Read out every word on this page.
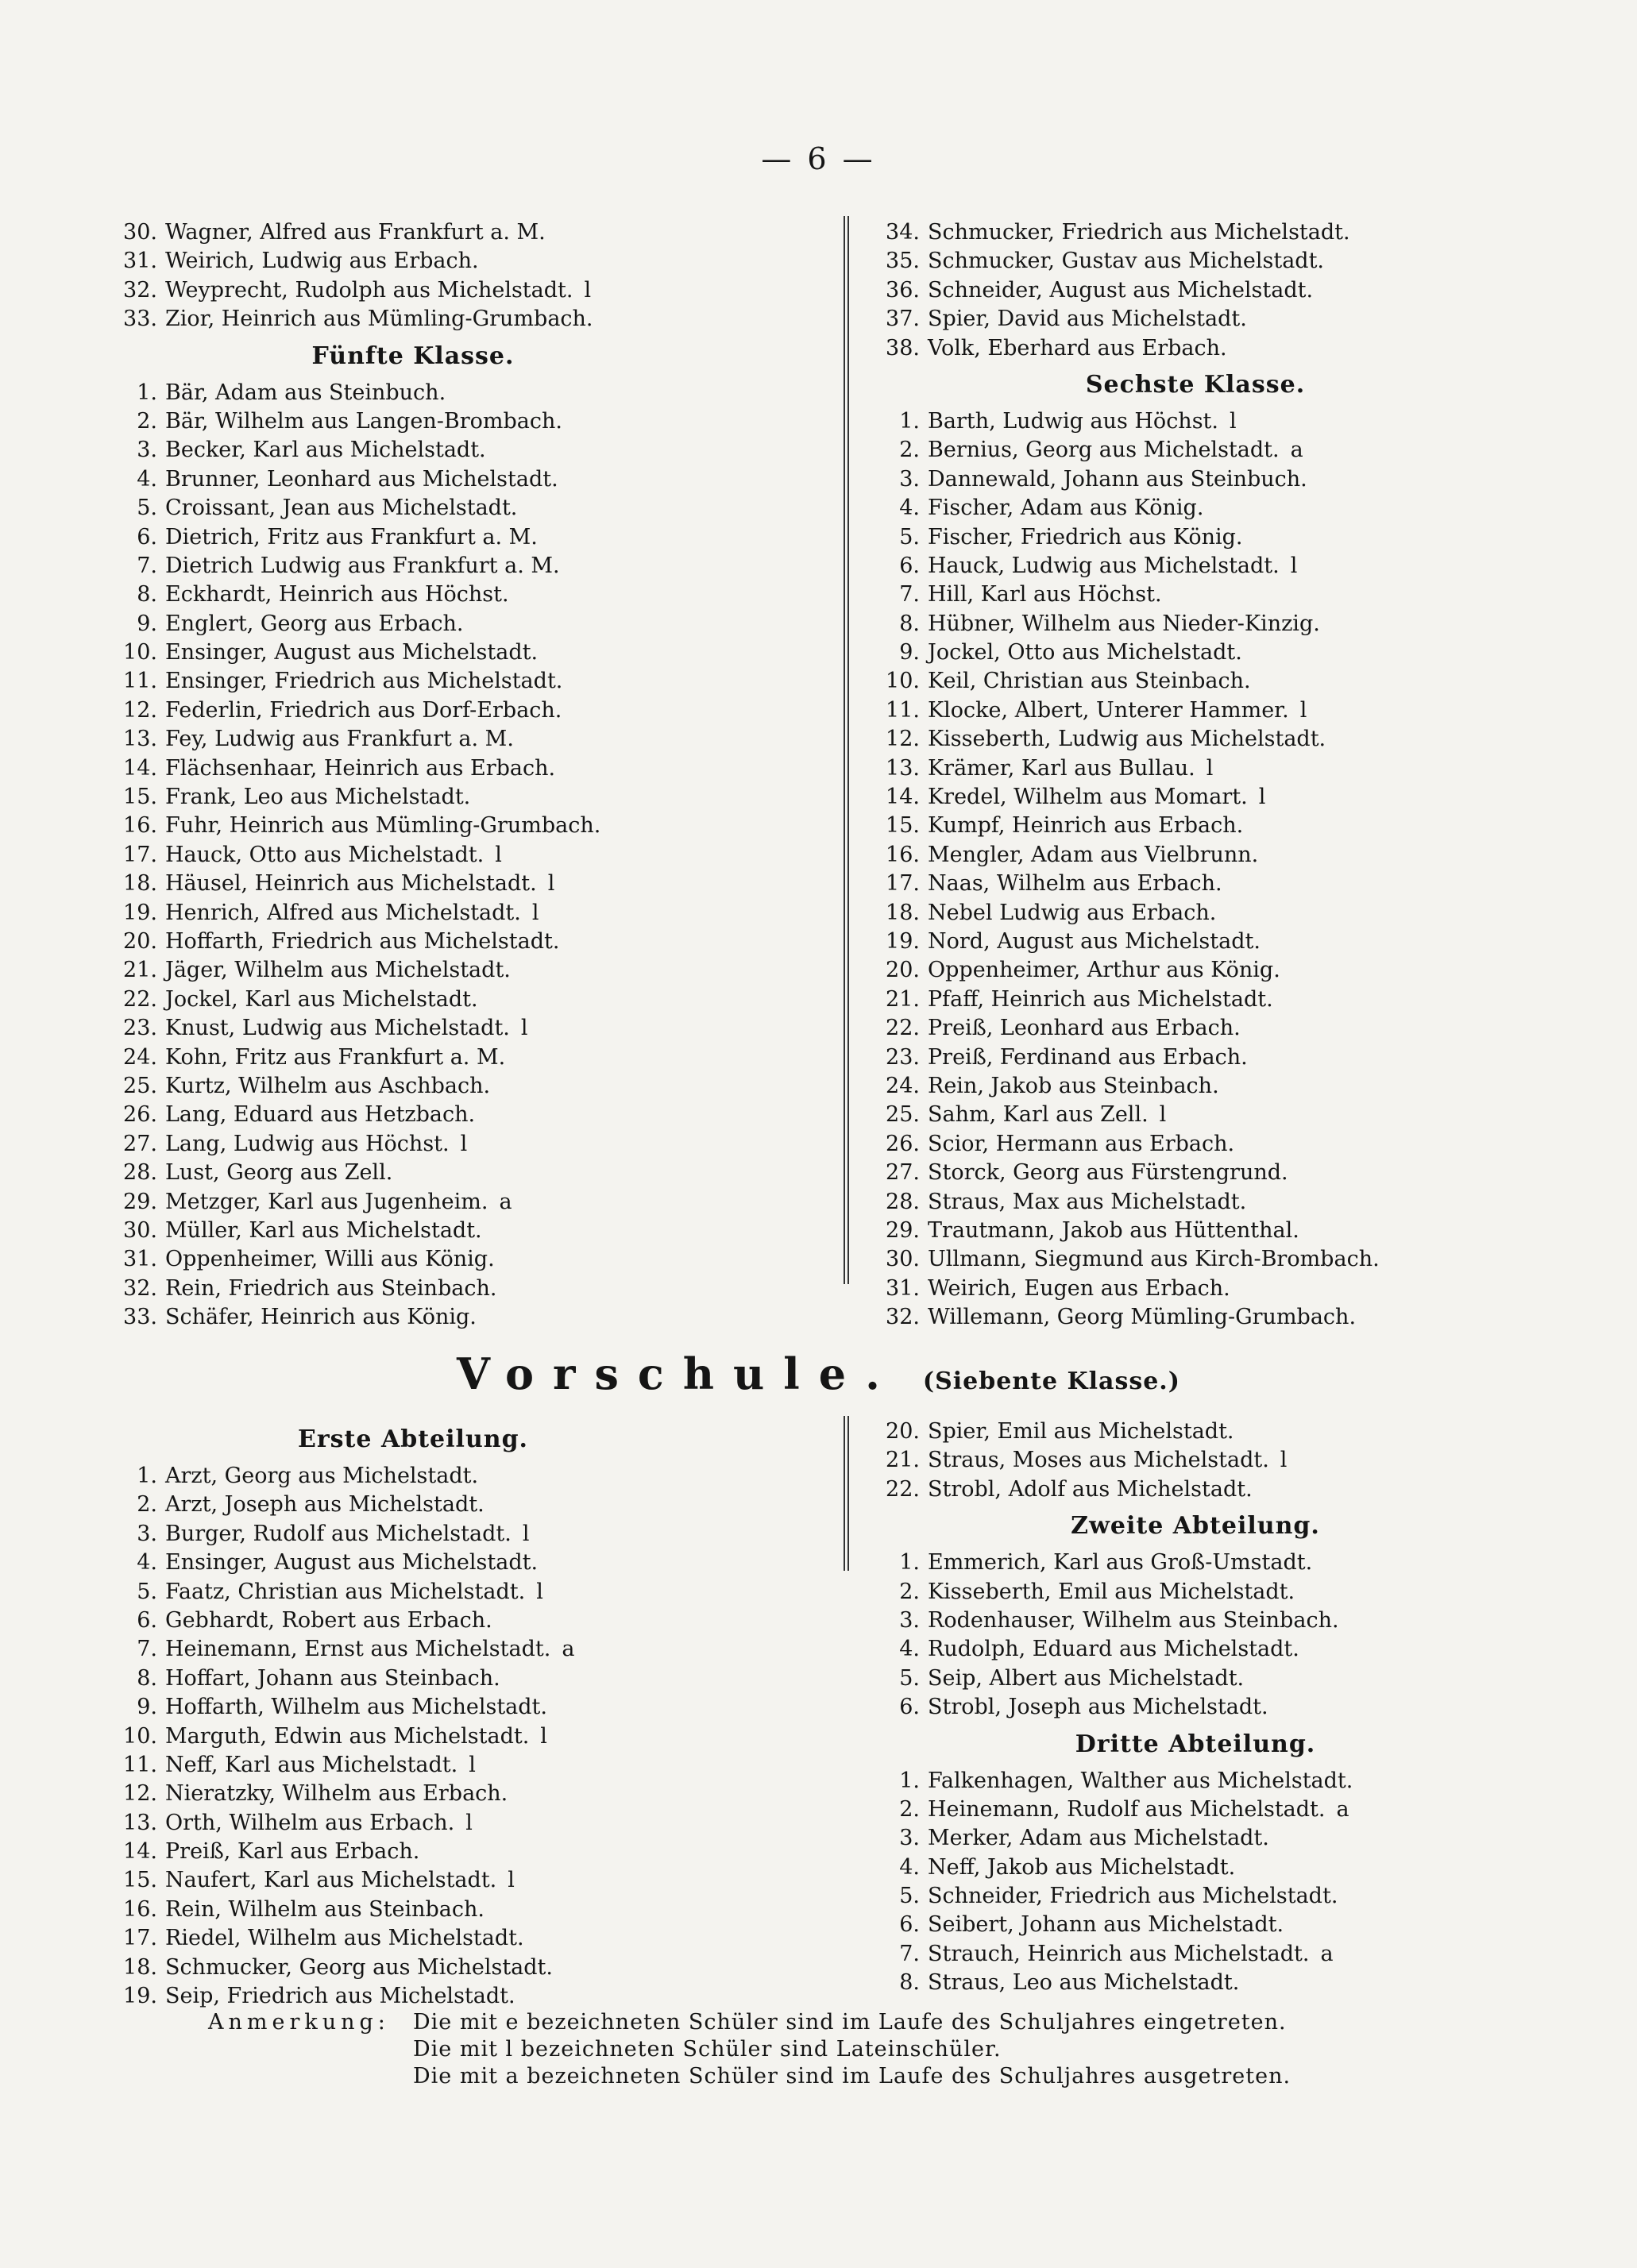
— 6 —
30. Wagner, Alfred aus Frankfurt a. M.
31. Weirich, Ludwig aus Erbach.
32. Weyprecht, Rudolph aus Michelstadt. l
33. Zior, Heinrich aus Mümling-Grumbach.
Fünfte Klasse.
1. Bär, Adam aus Steinbuch.
2. Bär, Wilhelm aus Langen-Brombach.
3. Becker, Karl aus Michelstadt.
4. Brunner, Leonhard aus Michelstadt.
5. Croissant, Jean aus Michelstadt.
6. Dietrich, Fritz aus Frankfurt a. M.
7. Dietrich Ludwig aus Frankfurt a. M.
8. Eckhardt, Heinrich aus Höchst.
9. Englert, Georg aus Erbach.
10. Ensinger, August aus Michelstadt.
11. Ensinger, Friedrich aus Michelstadt.
12. Federlin, Friedrich aus Dorf-Erbach.
13. Fey, Ludwig aus Frankfurt a. M.
14. Flächsenhaar, Heinrich aus Erbach.
15. Frank, Leo aus Michelstadt.
16. Fuhr, Heinrich aus Mümling-Grumbach.
17. Hauck, Otto aus Michelstadt. l
18. Häusel, Heinrich aus Michelstadt. l
19. Henrich, Alfred aus Michelstadt. l
20. Hoffarth, Friedrich aus Michelstadt.
21. Jäger, Wilhelm aus Michelstadt.
22. Jockel, Karl aus Michelstadt.
23. Knust, Ludwig aus Michelstadt. l
24. Kohn, Fritz aus Frankfurt a. M.
25. Kurtz, Wilhelm aus Aschbach.
26. Lang, Eduard aus Hetzbach.
27. Lang, Ludwig aus Höchst. l
28. Lust, Georg aus Zell.
29. Metzger, Karl aus Jugenheim. a
30. Müller, Karl aus Michelstadt.
31. Oppenheimer, Willi aus König.
32. Rein, Friedrich aus Steinbach.
33. Schäfer, Heinrich aus König.
34. Schmucker, Friedrich aus Michelstadt.
35. Schmucker, Gustav aus Michelstadt.
36. Schneider, August aus Michelstadt.
37. Spier, David aus Michelstadt.
38. Volk, Eberhard aus Erbach.
Sechste Klasse.
1. Barth, Ludwig aus Höchst. l
2. Bernius, Georg aus Michelstadt. a
3. Dannewald, Johann aus Steinbuch.
4. Fischer, Adam aus König.
5. Fischer, Friedrich aus König.
6. Hauck, Ludwig aus Michelstadt. l
7. Hill, Karl aus Höchst.
8. Hübner, Wilhelm aus Nieder-Kinzig.
9. Jockel, Otto aus Michelstadt.
10. Keil, Christian aus Steinbach.
11. Klocke, Albert, Unterer Hammer. l
12. Kisseberth, Ludwig aus Michelstadt.
13. Krämer, Karl aus Bullau. l
14. Kredel, Wilhelm aus Momart. l
15. Kumpf, Heinrich aus Erbach.
16. Mengler, Adam aus Vielbrunn.
17. Naas, Wilhelm aus Erbach.
18. Nebel Ludwig aus Erbach.
19. Nord, August aus Michelstadt.
20. Oppenheimer, Arthur aus König.
21. Pfaff, Heinrich aus Michelstadt.
22. Preiß, Leonhard aus Erbach.
23. Preiß, Ferdinand aus Erbach.
24. Rein, Jakob aus Steinbach.
25. Sahm, Karl aus Zell. l
26. Scior, Hermann aus Erbach.
27. Storck, Georg aus Fürstengrund.
28. Straus, Max aus Michelstadt.
29. Trautmann, Jakob aus Hüttenthal.
30. Ullmann, Siegmund aus Kirch-Brombach.
31. Weirich, Eugen aus Erbach.
32. Willemann, Georg Mümling-Grumbach.
Vorschule. (Siebente Klasse.)
Erste Abteilung.
1. Arzt, Georg aus Michelstadt.
2. Arzt, Joseph aus Michelstadt.
3. Burger, Rudolf aus Michelstadt. l
4. Ensinger, August aus Michelstadt.
5. Faatz, Christian aus Michelstadt. l
6. Gebhardt, Robert aus Erbach.
7. Heinemann, Ernst aus Michelstadt. a
8. Hoffart, Johann aus Steinbach.
9. Hoffarth, Wilhelm aus Michelstadt.
10. Marguth, Edwin aus Michelstadt. l
11. Neff, Karl aus Michelstadt. l
12. Nieratzky, Wilhelm aus Erbach.
13. Orth, Wilhelm aus Erbach. l
14. Preiß, Karl aus Erbach.
15. Naufert, Karl aus Michelstadt. l
16. Rein, Wilhelm aus Steinbach.
17. Riedel, Wilhelm aus Michelstadt.
18. Schmucker, Georg aus Michelstadt.
19. Seip, Friedrich aus Michelstadt.
20. Spier, Emil aus Michelstadt.
21. Straus, Moses aus Michelstadt. l
22. Strobl, Adolf aus Michelstadt.
Zweite Abteilung.
1. Emmerich, Karl aus Groß-Umstadt.
2. Kisseberth, Emil aus Michelstadt.
3. Rodenhauser, Wilhelm aus Steinbach.
4. Rudolph, Eduard aus Michelstadt.
5. Seip, Albert aus Michelstadt.
6. Strobl, Joseph aus Michelstadt.
Dritte Abteilung.
1. Falkenhagen, Walther aus Michelstadt.
2. Heinemann, Rudolf aus Michelstadt. a
3. Merker, Adam aus Michelstadt.
4. Neff, Jakob aus Michelstadt.
5. Schneider, Friedrich aus Michelstadt.
6. Seibert, Johann aus Michelstadt.
7. Strauch, Heinrich aus Michelstadt. a
8. Straus, Leo aus Michelstadt.
Anmerkung: Die mit e bezeichneten Schüler sind im Laufe des Schuljahres eingetreten.
Die mit l bezeichneten Schüler sind Lateinschüler.
Die mit a bezeichneten Schüler sind im Laufe des Schuljahres ausgetreten.
